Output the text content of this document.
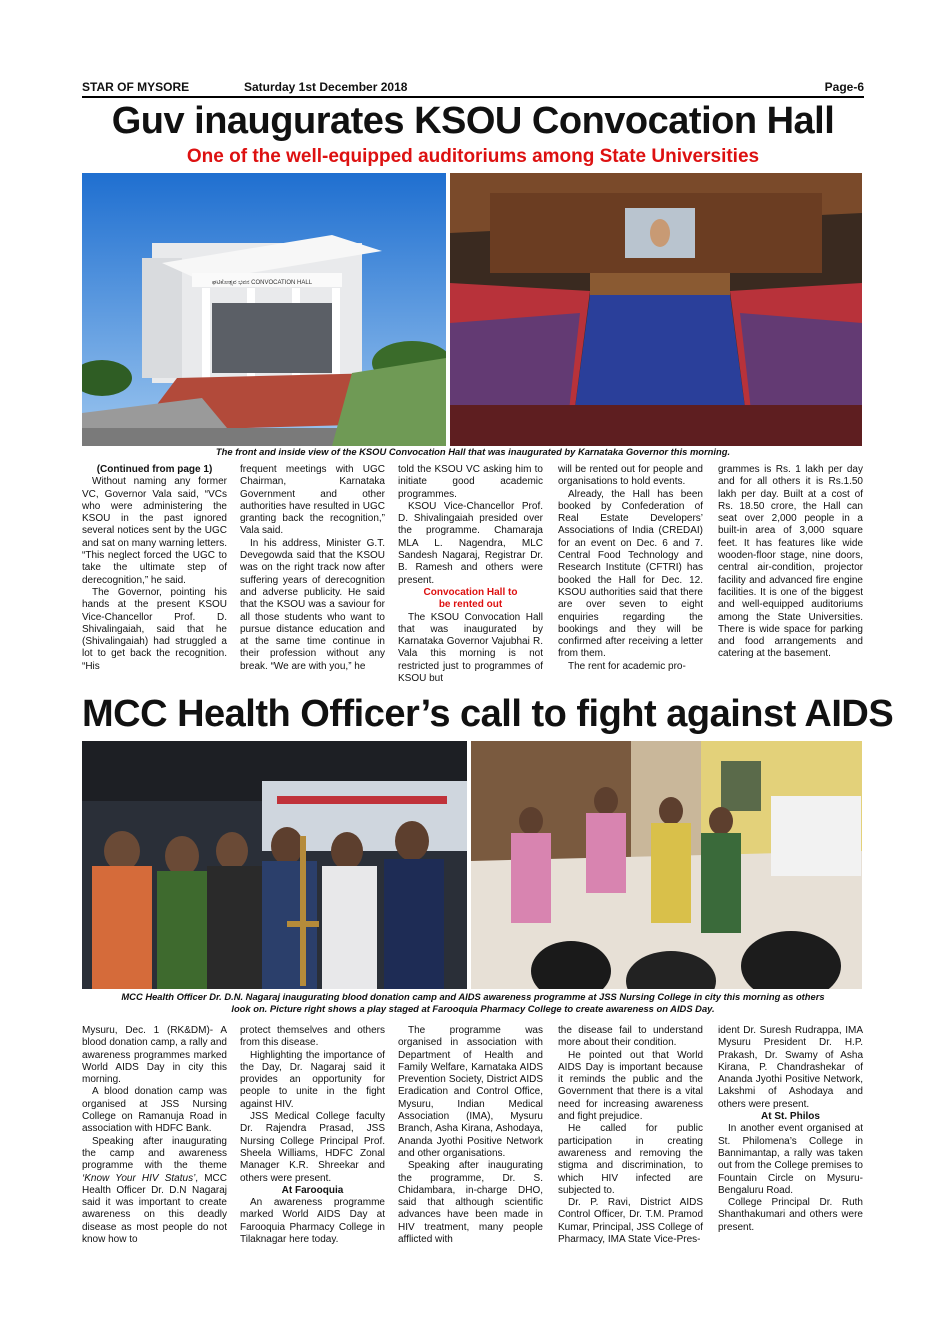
STAR OF MYSORE	Saturday 1st December 2018	Page-6
Guv inaugurates KSOU Convocation Hall
One of the well-equipped auditoriums among State Universities
ಘಟಿಕೋತ್ಸವ ಭವನ CONVOCATION HALL
The front and inside view of the KSOU Convocation Hall that was inaugurated by Karnataka Governor this morning.

(Continued from page 1)

Without naming any former VC, Governor Vala said, “VCs who were administering the KSOU in the past ignored several notices sent by the UGC and sat on many warning letters. “This neglect forced the UGC to take the ultimate step of derecognition,” he said.

The Governor, pointing his hands at the present KSOU Vice-Chancellor Prof. D. Shivalingaiah, said that he (Shivalingaiah) had struggled a lot to get back the recognition. “His

frequent meetings with UGC Chairman, Karnataka Government and other authorities have resulted in UGC granting back the recognition,” Vala said.

In his address, Minister G.T. Devegowda said that the KSOU was on the right track now after suffering years of derecognition and adverse publicity. He said that the KSOU was a saviour for all those students who want to pursue distance education and at the same time continue in their profession without any break. “We are with you,” he

told the KSOU VC asking him to initiate good academic programmes.

KSOU Vice-Chancellor Prof. D. Shivalingaiah presided over the programme. Chamaraja MLA L. Nagendra, MLC Sandesh Nagaraj, Registrar Dr. B. Ramesh and others were present.

Convocation Hall to

be rented out

The KSOU Convocation Hall that was inaugurated by Karnataka Governor Vajubhai R. Vala this morning is not restricted just to programmes of KSOU but

will be rented out for people and organisations to hold events.

Already, the Hall has been booked by Confederation of Real Estate Developers’ Associations of India (CREDAI) for an event on Dec. 6 and 7. Central Food Technology and Research Institute (CFTRI) has booked the Hall for Dec. 12. KSOU authorities said that there are over seven to eight enquiries regarding the bookings and they will be confirmed after receiving a letter from them.

The rent for academic pro-

grammes is Rs. 1 lakh per day and for all others it is Rs.1.50 lakh per day. Built at a cost of Rs. 18.50 crore, the Hall can seat over 2,000 people in a built-in area of 3,000 square feet. It has features like wide wooden-floor stage, nine doors, central air-condition, projector facility and advanced fire engine facilities. It is one of the biggest and well-equipped auditoriums among the State Universities. There is wide space for parking and food arrangements and catering at the basement.

MCC Health Officer’s call to fight against AIDS
MCC Health Officer Dr. D.N. Nagaraj inaugurating blood donation camp and AIDS awareness programme at JSS Nursing College in city this morning as others
look on. Picture right shows a play staged at Farooquia Pharmacy College to create awareness on AIDS Day.

Mysuru, Dec. 1 (RK&DM)- A blood donation camp, a rally and awareness programmes marked World AIDS Day in city this morning.

A blood donation camp was organised at JSS Nursing College on Ramanuja Road in association with HDFC Bank.

Speaking after inaugurating the camp and awareness programme with the theme ‘Know Your HIV Status’, MCC Health Officer Dr. D.N Nagaraj said it was important to create awareness on this deadly disease as most people do not know how to

protect themselves and others from this disease.

Highlighting the importance of the Day, Dr. Nagaraj said it provides an opportunity for people to unite in the fight against HIV.

JSS Medical College faculty Dr. Rajendra Prasad, JSS Nursing College Principal Prof. Sheela Williams, HDFC Zonal Manager K.R. Shreekar and others were present.

At Farooquia

An awareness programme marked World AIDS Day at Farooquia Pharmacy College in Tilaknagar here today.

The programme was organised in association with Department of Health and Family Welfare, Karnataka AIDS Prevention Society, District AIDS Eradication and Control Office, Mysuru, Indian Medical Association (IMA), Mysuru Branch, Asha Kirana, Ashodaya, Ananda Jyothi Positive Network and other organisations.

Speaking after inaugurating the programme, Dr. S. Chidambara, in-charge DHO, said that although scientific advances have been made in HIV treatment, many people afflicted with

the disease fail to understand more about their condition.

He pointed out that World AIDS Day is important because it reminds the public and the Government that there is a vital need for increasing awareness and fight prejudice.

He called for public participation in creating awareness and removing the stigma and discrimination, to which HIV infected are subjected to.

Dr. P. Ravi, District AIDS Control Officer, Dr. T.M. Pramod Kumar, Principal, JSS College of Pharmacy, IMA State Vice-Pres-

ident Dr. Suresh Rudrappa, IMA Mysuru President Dr. H.P. Prakash, Dr. Swamy of Asha Kirana, P. Chandrashekar of Ananda Jyothi Positive Network, Lakshmi of Ashodaya and others were present.

At St. Philos

In another event organised at St. Philomena’s College in Bannimantap, a rally was taken out from the College premises to Fountain Circle on Mysuru-Bengaluru Road.

College Principal Dr. Ruth Shanthakumari and others were present.
